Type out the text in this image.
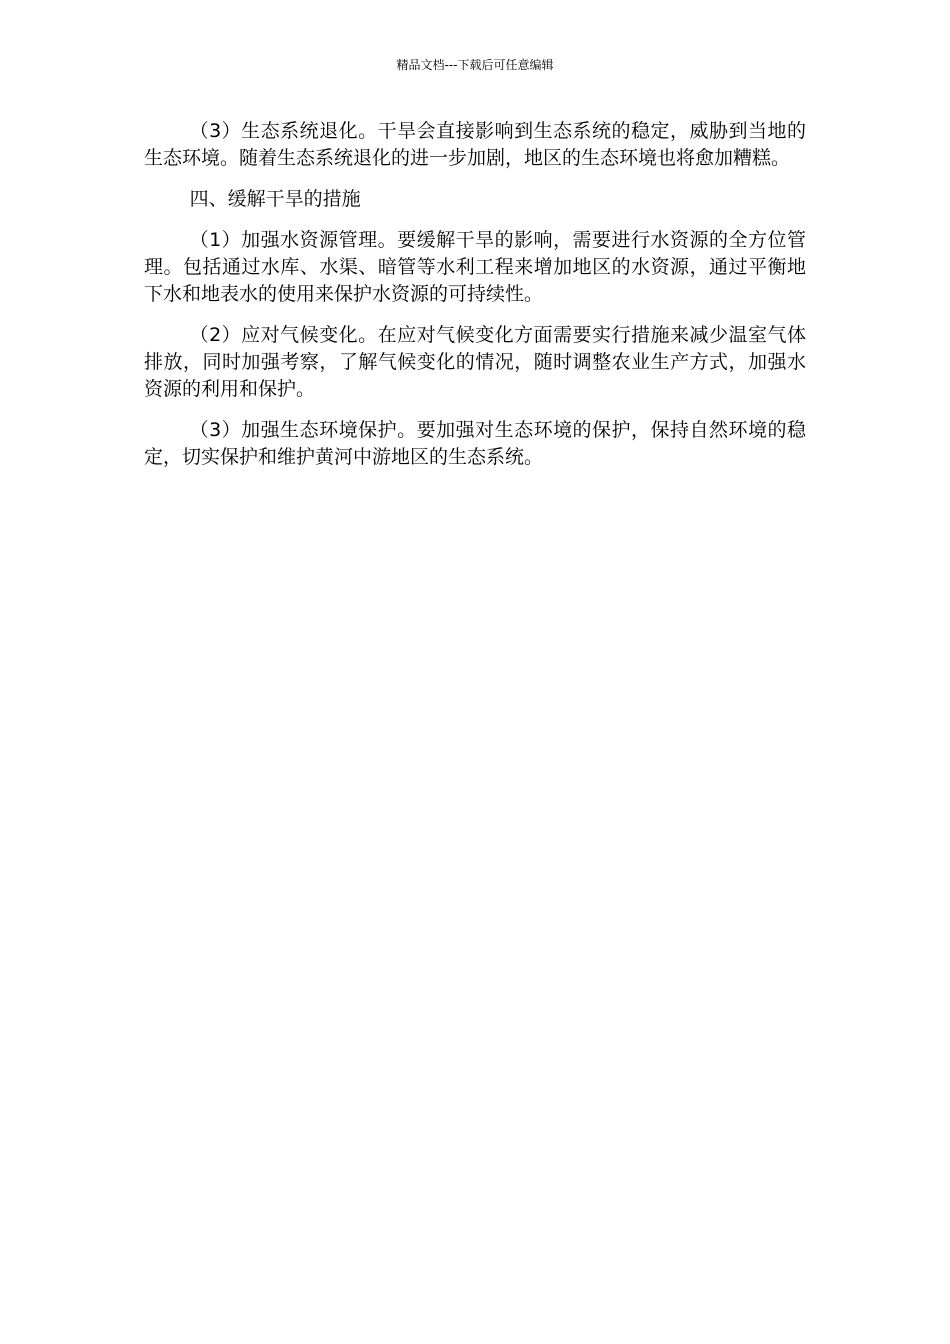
精品文档---下载后可任意编辑

（3）生态系统退化。干旱会直接影响到生态系统的稳定，威胁到当地的生态环境。随着生态系统退化的进一步加剧，地区的生态环境也将愈加糟糕。

四、缓解干旱的措施

（1）加强水资源管理。要缓解干旱的影响，需要进行水资源的全方位管理。包括通过水库、水渠、暗管等水利工程来增加地区的水资源，通过平衡地下水和地表水的使用来保护水资源的可持续性。

（2）应对气候变化。在应对气候变化方面需要实行措施来减少温室气体排放，同时加强考察，了解气候变化的情况，随时调整农业生产方式，加强水资源的利用和保护。

（3）加强生态环境保护。要加强对生态环境的保护，保持自然环境的稳定，切实保护和维护黄河中游地区的生态系统。
